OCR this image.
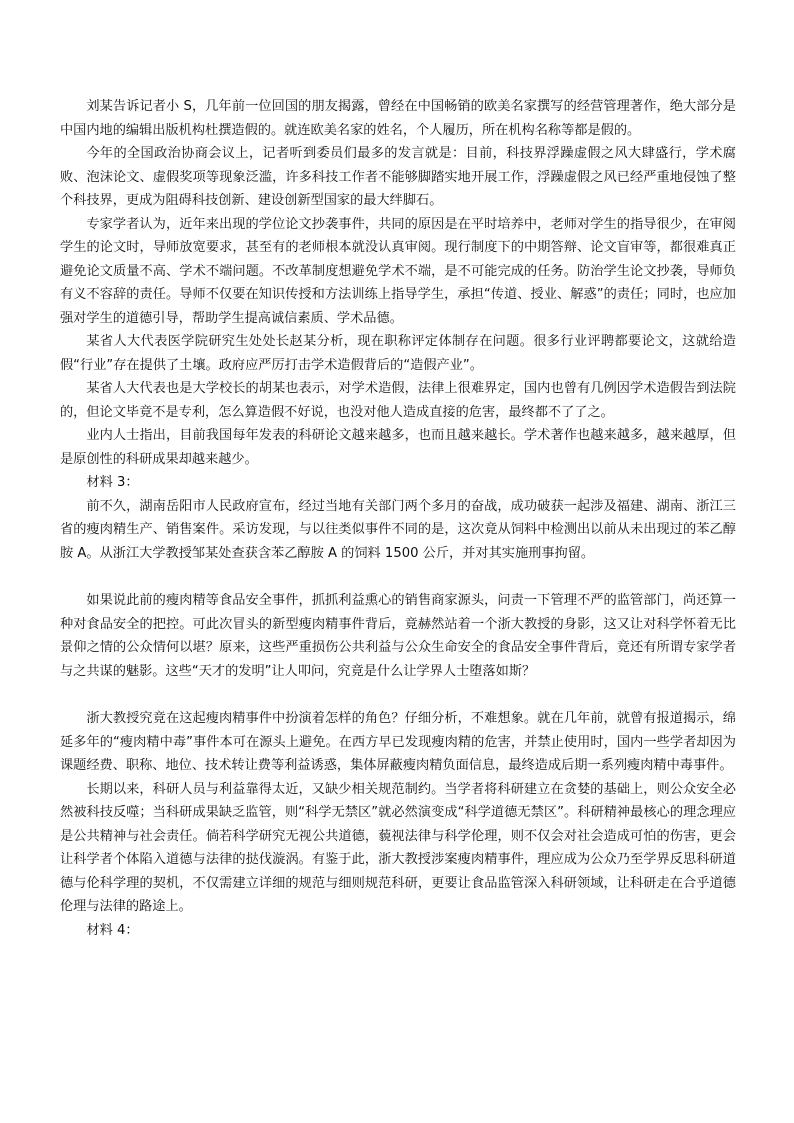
刘某告诉记者小 S，几年前一位回国的朋友揭露，曾经在中国畅销的欧美名家撰写的经营管理著作，绝大部分是中国内地的编辑出版机构杜撰造假的。就连欧美名家的姓名，个人履历，所在机构名称等都是假的。

今年的全国政治协商会议上，记者听到委员们最多的发言就是：目前，科技界浮躁虚假之风大肆盛行，学术腐败、泡沫论文、虚假奖项等现象泛滥，许多科技工作者不能够脚踏实地开展工作，浮躁虚假之风已经严重地侵蚀了整个科技界，更成为阻碍科技创新、建设创新型国家的最大绊脚石。

专家学者认为，近年来出现的学位论文抄袭事件，共同的原因是在平时培养中，老师对学生的指导很少，在审阅学生的论文时，导师放宽要求，甚至有的老师根本就没认真审阅。现行制度下的中期答辩、论文盲审等，都很难真正避免论文质量不高、学术不端问题。不改革制度想避免学术不端，是不可能完成的任务。防治学生论文抄袭，导师负有义不容辞的责任。导师不仅要在知识传授和方法训练上指导学生，承担“传道、授业、解惑”的责任；同时，也应加强对学生的道德引导，帮助学生提高诚信素质、学术品德。

某省人大代表医学院研究生处处长赵某分析，现在职称评定体制存在问题。很多行业评聘都要论文，这就给造假“行业”存在提供了土壤。政府应严厉打击学术造假背后的“造假产业”。

某省人大代表也是大学校长的胡某也表示，对学术造假，法律上很难界定，国内也曾有几例因学术造假告到法院的，但论文毕竟不是专利，怎么算造假不好说，也没对他人造成直接的危害，最终都不了了之。

业内人士指出，目前我国每年发表的科研论文越来越多，也而且越来越长。学术著作也越来越多，越来越厚，但是原创性的科研成果却越来越少。

材料 3：

前不久，湖南岳阳市人民政府宣布，经过当地有关部门两个多月的奋战，成功破获一起涉及福建、湖南、浙江三省的瘦肉精生产、销售案件。采访发现，与以往类似事件不同的是，这次竟从饲料中检测出以前从未出现过的苯乙醇胺 A。从浙江大学教授邹某处查获含苯乙醇胺 A 的饲料 1500 公斤，并对其实施刑事拘留。

如果说此前的瘦肉精等食品安全事件，抓抓利益熏心的销售商家源头，问责一下管理不严的监管部门，尚还算一种对食品安全的把控。可此次冒头的新型瘦肉精事件背后，竟赫然站着一个浙大教授的身影，这又让对科学怀着无比景仰之情的公众情何以堪？原来，这些严重损伤公共利益与公众生命安全的食品安全事件背后，竟还有所谓专家学者与之共谋的魅影。这些“天才的发明”让人叩问，究竟是什么让学界人士堕落如斯？

浙大教授究竟在这起瘦肉精事件中扮演着怎样的角色？仔细分析，不难想象。就在几年前，就曾有报道揭示，绵延多年的“瘦肉精中毒”事件本可在源头上避免。在西方早已发现瘦肉精的危害，并禁止使用时，国内一些学者却因为课题经费、职称、地位、技术转让费等利益诱惑，集体屏蔽瘦肉精负面信息，最终造成后期一系列瘦肉精中毒事件。

长期以来，科研人员与利益靠得太近，又缺少相关规范制约。当学者将科研建立在贪婪的基础上，则公众安全必然被科技反噬；当科研成果缺乏监管，则“科学无禁区”就必然演变成“科学道德无禁区”。科研精神最核心的理念理应是公共精神与社会责任。倘若科学研究无视公共道德，藐视法律与科学伦理，则不仅会对社会造成可怕的伤害，更会让科学者个体陷入道德与法律的挞伐漩涡。有鉴于此，浙大教授涉案瘦肉精事件，理应成为公众乃至学界反思科研道德与伦科学理的契机，不仅需建立详细的规范与细则规范科研，更要让食品监管深入科研领域，让科研走在合乎道德伦理与法律的路途上。

材料 4：
